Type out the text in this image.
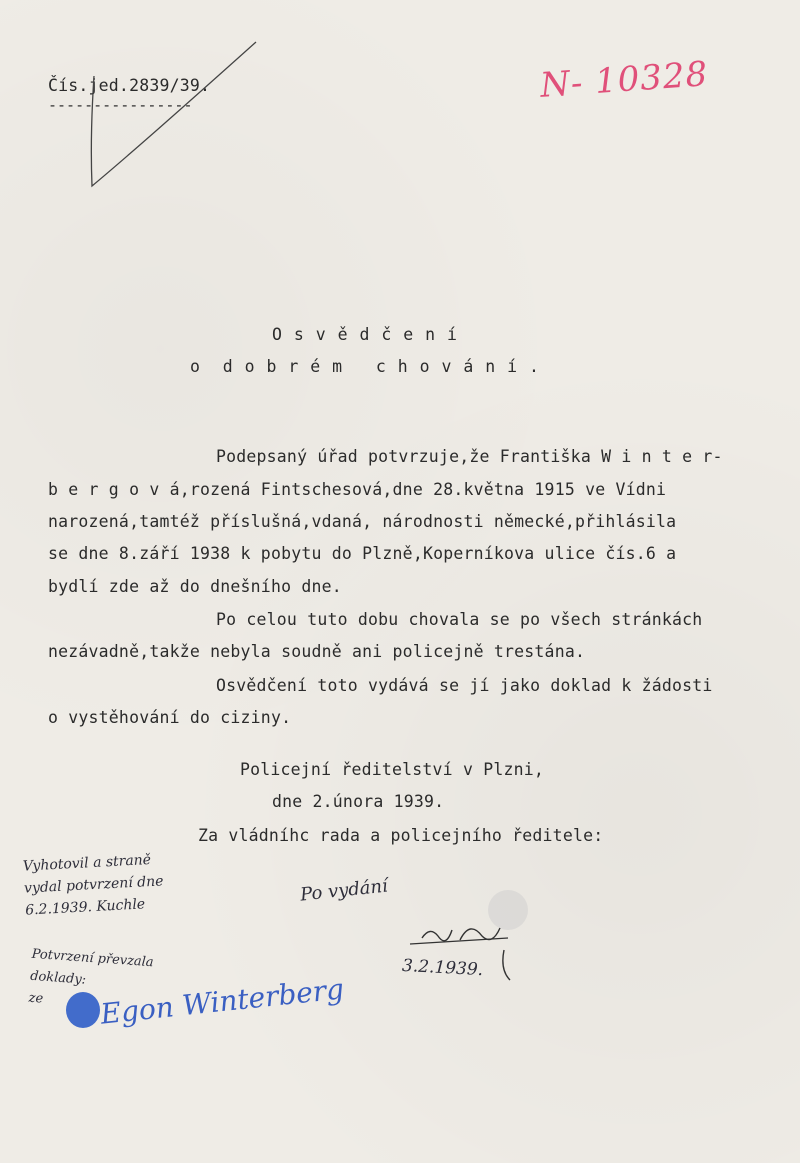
Čís.jed.2839/39.
----------------	N- 10328
O s v ě d č e n í
o  d o b r é m   c h o v á n í .
Podepsaný úřad potvrzuje,že Františka W i n t e r-
b e r g o v á,rozená Fintschesová,dne 28.května 1915 ve Vídni
narozená,tamtéž příslušná,vdaná, národnosti německé,přihlásila
se dne 8.září 1938 k pobytu do Plzně,Koperníkova ulice čís.6 a
bydlí zde až do dnešního dne.
Po celou tuto dobu chovala se po všech stránkách
nezávadně,takže nebyla soudně ani policejně trestána.
Osvědčení toto vydává se jí jako doklad k žádosti
o vystěhování do ciziny.
Policejní ředitelství v Plzni,
dne 2.února 1939.
Za vládníhc rada a policejního ředitele:
Vyhotovil a straně
vydal potvrzení dne
6.2.1939. Kuchle
Po vydání
3.2.1939.
Potvrzení převzala
doklady:
ze	Egon Winterberg
